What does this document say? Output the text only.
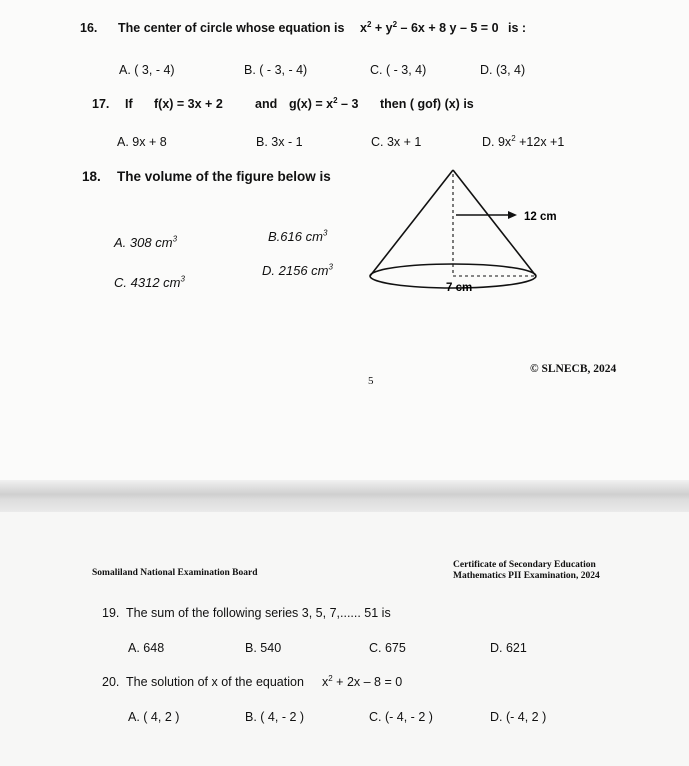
16. The center of circle whose equation is $x^2 + y^2 - 6x + 8$ y – 5 = 0 is :
A. ( 3, - 4)	B. ( - 3, - 4)	C. ( - 3, 4)	D. (3, 4)
17. If f(x) = 3x + 2	and $g(x) = x^2 - 3$ then ( gof) (x) is
A. 9x + 8	B. 3x - 1	C. 3x + 1	D. $9x^2 +12x +1$
18. The volume of the figure below is
A. 308 $cm^3$	B.616 $cm^3$
C. 4312 $cm^3$
D. 2156 $cm^3$
12 cm
7 cm
5
© SLNECB, 2024
Somaliland National Examination Board
Certificate of Secondary Education
Mathematics PII Examination, 2024
19. The sum of the following series 3, 5, 7,...... 51 is
A. 648	B. 540	C. 675	D. 621
20. The solution of x of the equation $x^2 + 2x - 8 = 0$
A. ( 4, 2 )	B. ( 4, - 2 )	C. (- 4, - 2 )	D. (- 4, 2 )
